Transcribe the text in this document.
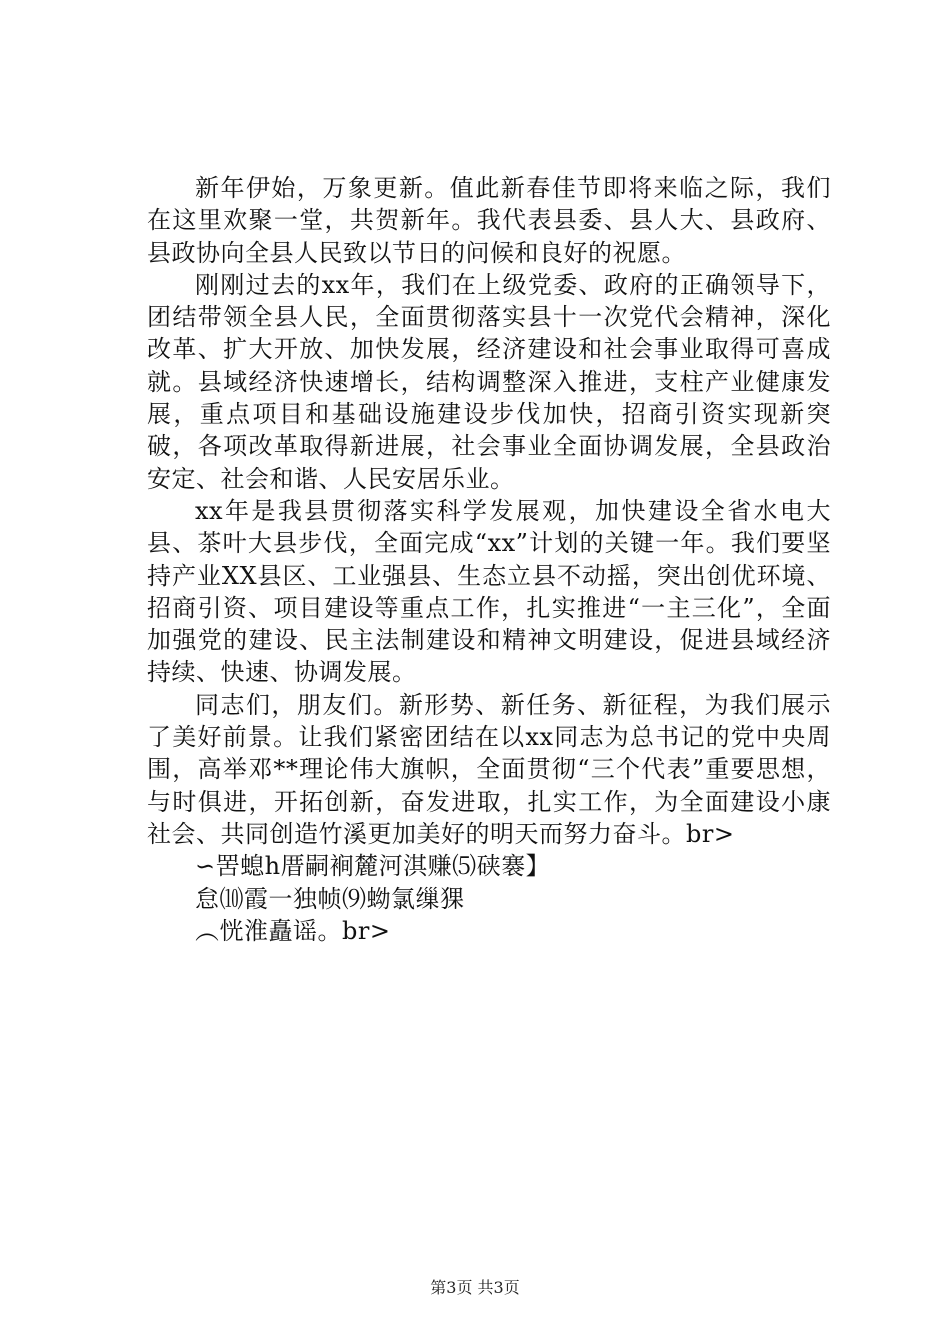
新年伊始，万象更新。值此新春佳节即将来临之际，我们在这里欢聚一堂，共贺新年。我代表县委、县人大、县政府、县政协向全县人民致以节日的问候和良好的祝愿。

刚刚过去的xx年，我们在上级党委、政府的正确领导下，团结带领全县人民，全面贯彻落实县十一次党代会精神，深化改革、扩大开放、加快发展，经济建设和社会事业取得可喜成就。县域经济快速增长，结构调整深入推进，支柱产业健康发展，重点项目和基础设施建设步伐加快，招商引资实现新突破，各项改革取得新进展，社会事业全面协调发展，全县政治安定、社会和谐、人民安居乐业。

xx年是我县贯彻落实科学发展观，加快建设全省水电大县、茶叶大县步伐，全面完成“xx”计划的关键一年。我们要坚持产业XX县区、工业强县、生态立县不动摇，突出创优环境、招商引资、项目建设等重点工作，扎实推进“一主三化”，全面加强党的建设、民主法制建设和精神文明建设，促进县域经济持续、快速、协调发展。

同志们，朋友们。新形势、新任务、新征程，为我们展示了美好前景。让我们紧密团结在以xx同志为总书记的党中央周围，高举邓**理论伟大旗帜，全面贯彻“三个代表”重要思想，与时俱进，开拓创新，奋发进取，扎实工作，为全面建设小康社会、共同创造竹溪更加美好的明天而努力奋斗。br>

∽罟螅h厝嗣裥麓河淇赚⑸硖褰】

怠⑽霞一独帧⑼蚴氯缫猓

︵恍淮矗谣。br>

第3页 共3页
